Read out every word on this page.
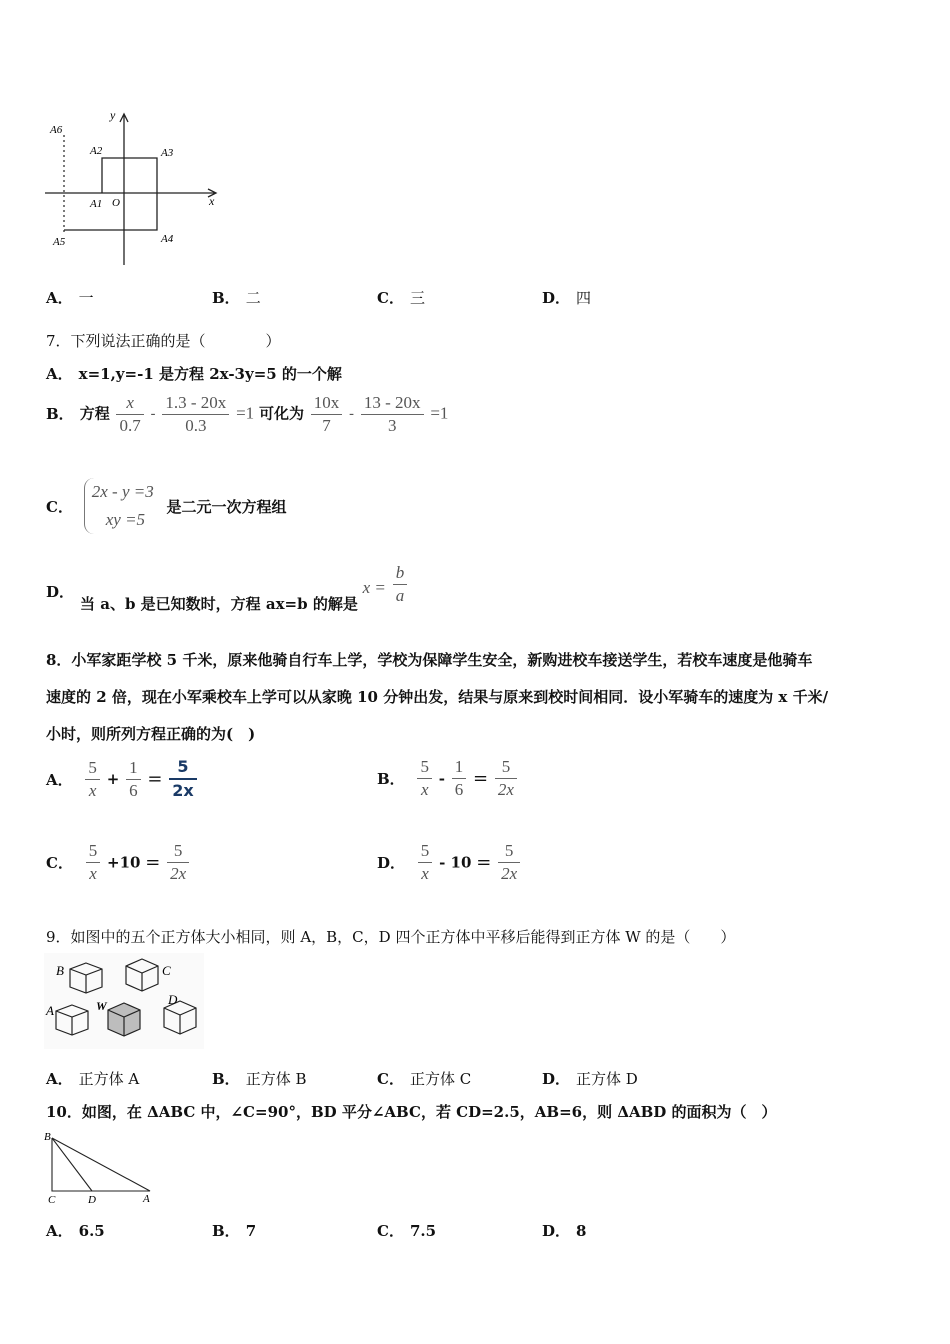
A6
A2	A3
A1 O	x
y
A5	A4
A． 一	B． 二	C． 三	D． 四
7．下列说法正确的是（　　　　）
A． x=1,y=-1 是方程 2x-3y=5 的一个解
B． 方程 $\frac{x}{0.7} - \frac{1.3 - 20x}{0.3} =1$ 可化为 $\frac{10x}{7} - \frac{13 - 20x}{3} =1$
C．
2x - y =3
xy =5
是二元一次方程组
D．当 a、b 是已知数时，方程 ax=b 的解是 $x = \frac{b}{a}$
8．小军家距学校 5 千米，原来他骑自行车上学，学校为保障学生安全，新购进校车接送学生，若校车速度是他骑车
速度的 2 倍，现在小军乘校车上学可以从家晚 10 分钟出发，结果与原来到校时间相同．设小军骑车的速度为 x 千米/
小时，则所列方程正确的为(　)
A． $\frac{5}{x} + \frac{1}{6} = \frac{5}{2x}$	B． $\frac{5}{x} - \frac{1}{6} = \frac{5}{2x}$
C． $\frac{5}{x} +10 = \frac{5}{2x}$	D． $\frac{5}{x} - 10 = \frac{5}{2x}$
9．如图中的五个正方体大小相同，则 A，B，C，D 四个正方体中平移后能得到正方体 W 的是（　　）
B	C
A	W	D
A． 正方体 A	B． 正方体 B	C． 正方体 C	D． 正方体 D
10．如图，在 ΔABC 中，∠C=90°，BD 平分∠ABC，若 CD=2.5，AB=6，则 ΔABD 的面积为（　）
B
C	D	A
A． 6.5	B． 7	C． 7.5	D． 8
